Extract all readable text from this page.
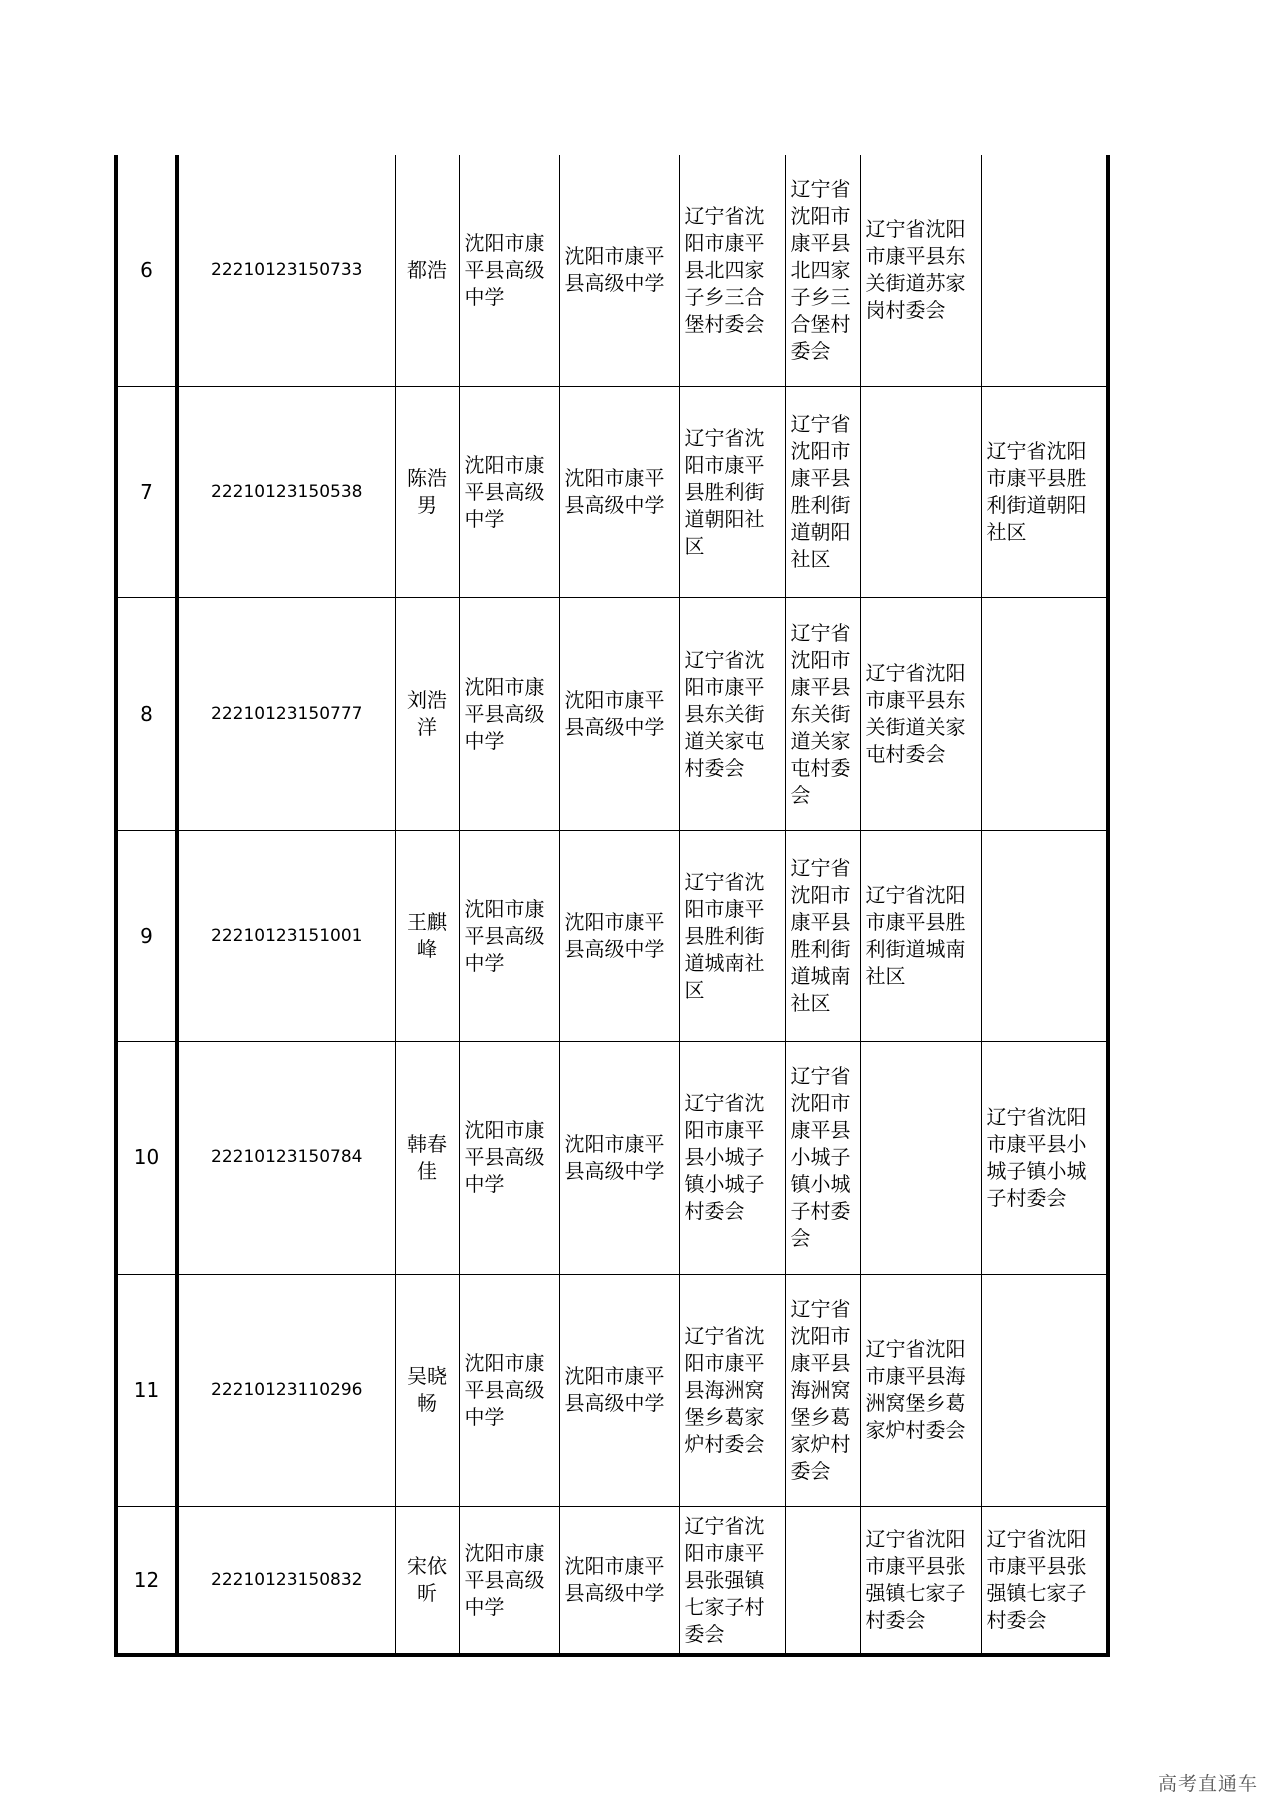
6	22210123150733	都浩	沈阳市康平县高级中学	沈阳市康平县高级中学	辽宁省沈阳市康平县北四家子乡三合堡村委会	辽宁省沈阳市康平县北四家子乡三合堡村委会	辽宁省沈阳市康平县东关街道苏家岗村委会	
7	22210123150538	陈浩男	沈阳市康平县高级中学	沈阳市康平县高级中学	辽宁省沈阳市康平县胜利街道朝阳社区	辽宁省沈阳市康平县胜利街道朝阳社区		辽宁省沈阳市康平县胜利街道朝阳社区
8	22210123150777	刘浩洋	沈阳市康平县高级中学	沈阳市康平县高级中学	辽宁省沈阳市康平县东关街道关家屯村委会	辽宁省沈阳市康平县东关街道关家屯村委会	辽宁省沈阳市康平县东关街道关家屯村委会	
9	22210123151001	王麒峰	沈阳市康平县高级中学	沈阳市康平县高级中学	辽宁省沈阳市康平县胜利街道城南社区	辽宁省沈阳市康平县胜利街道城南社区	辽宁省沈阳市康平县胜利街道城南社区	
10	22210123150784	韩春佳	沈阳市康平县高级中学	沈阳市康平县高级中学	辽宁省沈阳市康平县小城子镇小城子村委会	辽宁省沈阳市康平县小城子镇小城子村委会		辽宁省沈阳市康平县小城子镇小城子村委会
11	22210123110296	吴晓畅	沈阳市康平县高级中学	沈阳市康平县高级中学	辽宁省沈阳市康平县海洲窝堡乡葛家炉村委会	辽宁省沈阳市康平县海洲窝堡乡葛家炉村委会	辽宁省沈阳市康平县海洲窝堡乡葛家炉村委会	
12	22210123150832	宋依昕	沈阳市康平县高级中学	沈阳市康平县高级中学	辽宁省沈阳市康平县张强镇七家子村委会		辽宁省沈阳市康平县张强镇七家子村委会	辽宁省沈阳市康平县张强镇七家子村委会
高考直通车
